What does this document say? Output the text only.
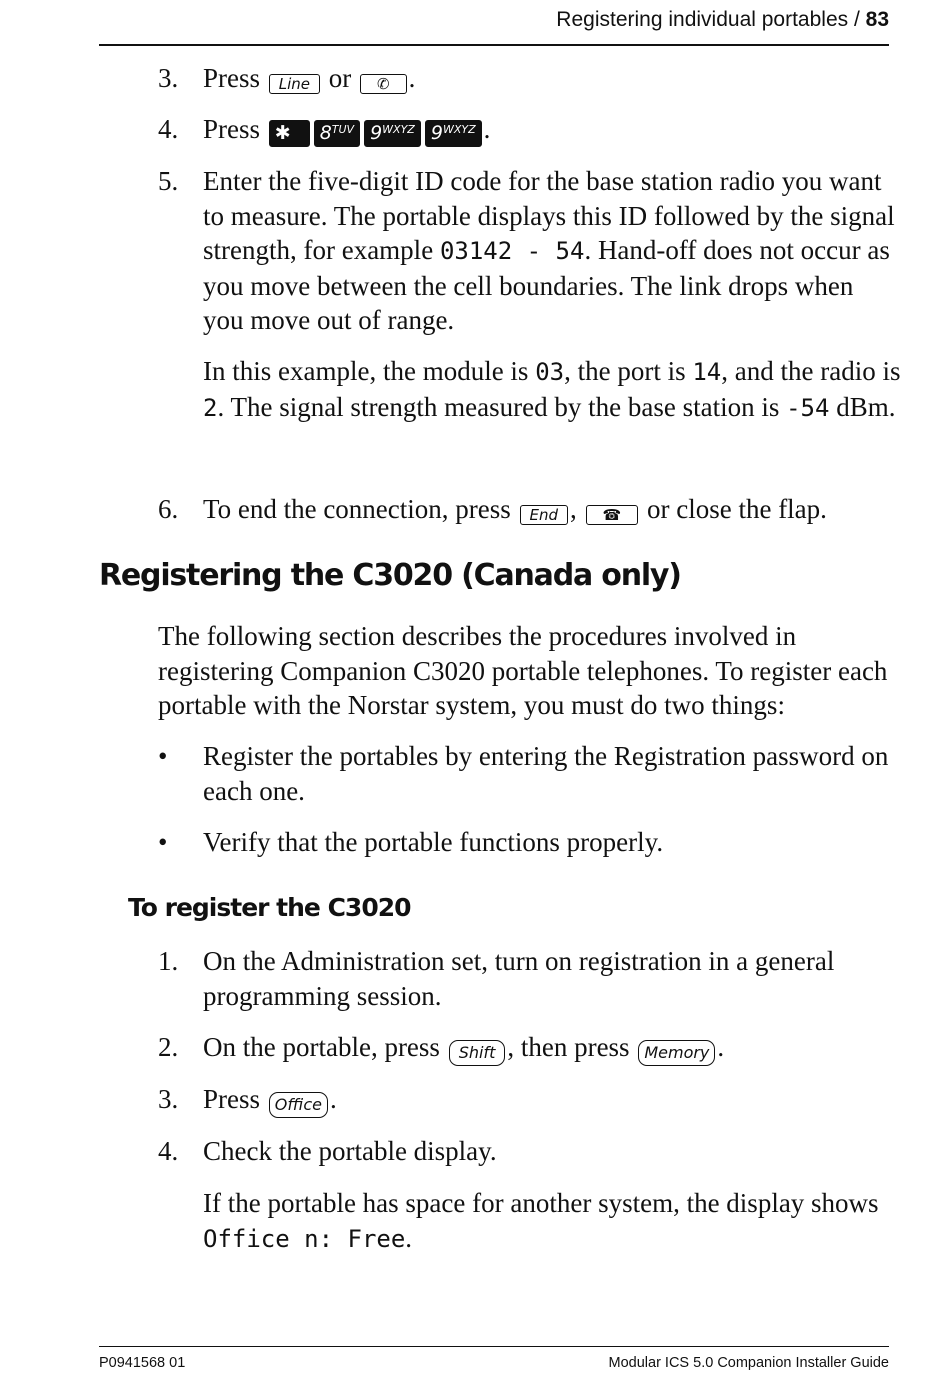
Registering individual portables / 83
3. Press Line or ✆ .
4. Press ✱ $8^{TUV}$ $9^{WXYZ}$ $9^{WXYZ}$ .
5. Enter the five-digit ID code for the base station radio you want to measure. The portable displays this ID followed by the signal strength, for example 03142 - 54. Hand-off does not occur as you move between the cell boundaries. The link drops when you move out of range.
In this example, the module is 03, the port is 14, and the radio is 2. The signal strength measured by the base station is -54 dBm.
6. To end the connection, press End , ☎ or close the flap.
Registering the C3020 (Canada only)
The following section describes the procedures involved in registering Companion C3020 portable telephones. To register each portable with the Norstar system, you must do two things:
• Register the portables by entering the Registration password on each one.
• Verify that the portable functions properly.
To register the C3020
1. On the Administration set, turn on registration in a general programming session.
2. On the portable, press Shift , then press Memory .
3. Press Office .
4. Check the portable display.
If the portable has space for another system, the display shows Office n: Free.
P0941568 01	Modular ICS 5.0 Companion Installer Guide
